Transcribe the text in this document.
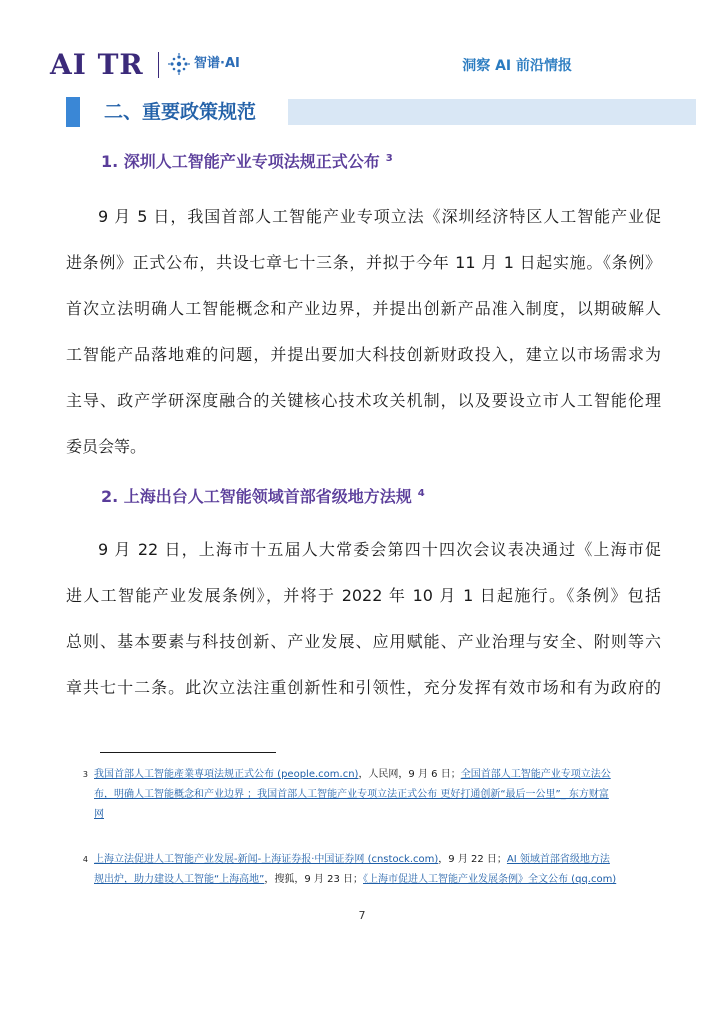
AI TR	智谱·AI	洞察 AI 前沿情报
二、重要政策规范
1. 深圳人工智能产业专项法规正式公布 $^3$
9 月 5 日，我国首部人工智能产业专项立法《深圳经济特区人工智能产业促
进条例》正式公布，共设七章七十三条，并拟于今年 11 月 1 日起实施。《条例》
首次立法明确人工智能概念和产业边界，并提出创新产品准入制度，以期破解人
工智能产品落地难的问题，并提出要加大科技创新财政投入，建立以市场需求为
主导、政产学研深度融合的关键核心技术攻关机制，以及要设立市人工智能伦理
委员会等。
2. 上海出台人工智能领域首部省级地方法规 $^4$
9 月 22 日，上海市十五届人大常委会第四十四次会议表决通过《上海市促
进人工智能产业发展条例》，并将于 2022 年 10 月 1 日起施行。《条例》包括
总则、基本要素与科技创新、产业发展、应用赋能、产业治理与安全、附则等六
章共七十二条。此次立法注重创新性和引领性，充分发挥有效市场和有为政府的
3 我国首部人工智能產業専項法规正式公布 (people.com.cn)，人民网，9 月 6 日；全国首部人工智能产业专项立法公
布，明确人工智能概念和产业边界 ；我国首部人工智能产业专项立法正式公布 更好打通创新“最后一公里”_ 东方财富
网
4 上海立法促进人工智能产业发展-新闻-上海证券报·中国证券网 (cnstock.com)，9 月 22 日；AI 领域首部省级地方法
规出炉，助力建设人工智能“上海高地”，搜狐，9 月 23 日；《上海市促进人工智能产业发展条例》全文公布 (qq.com)
7
